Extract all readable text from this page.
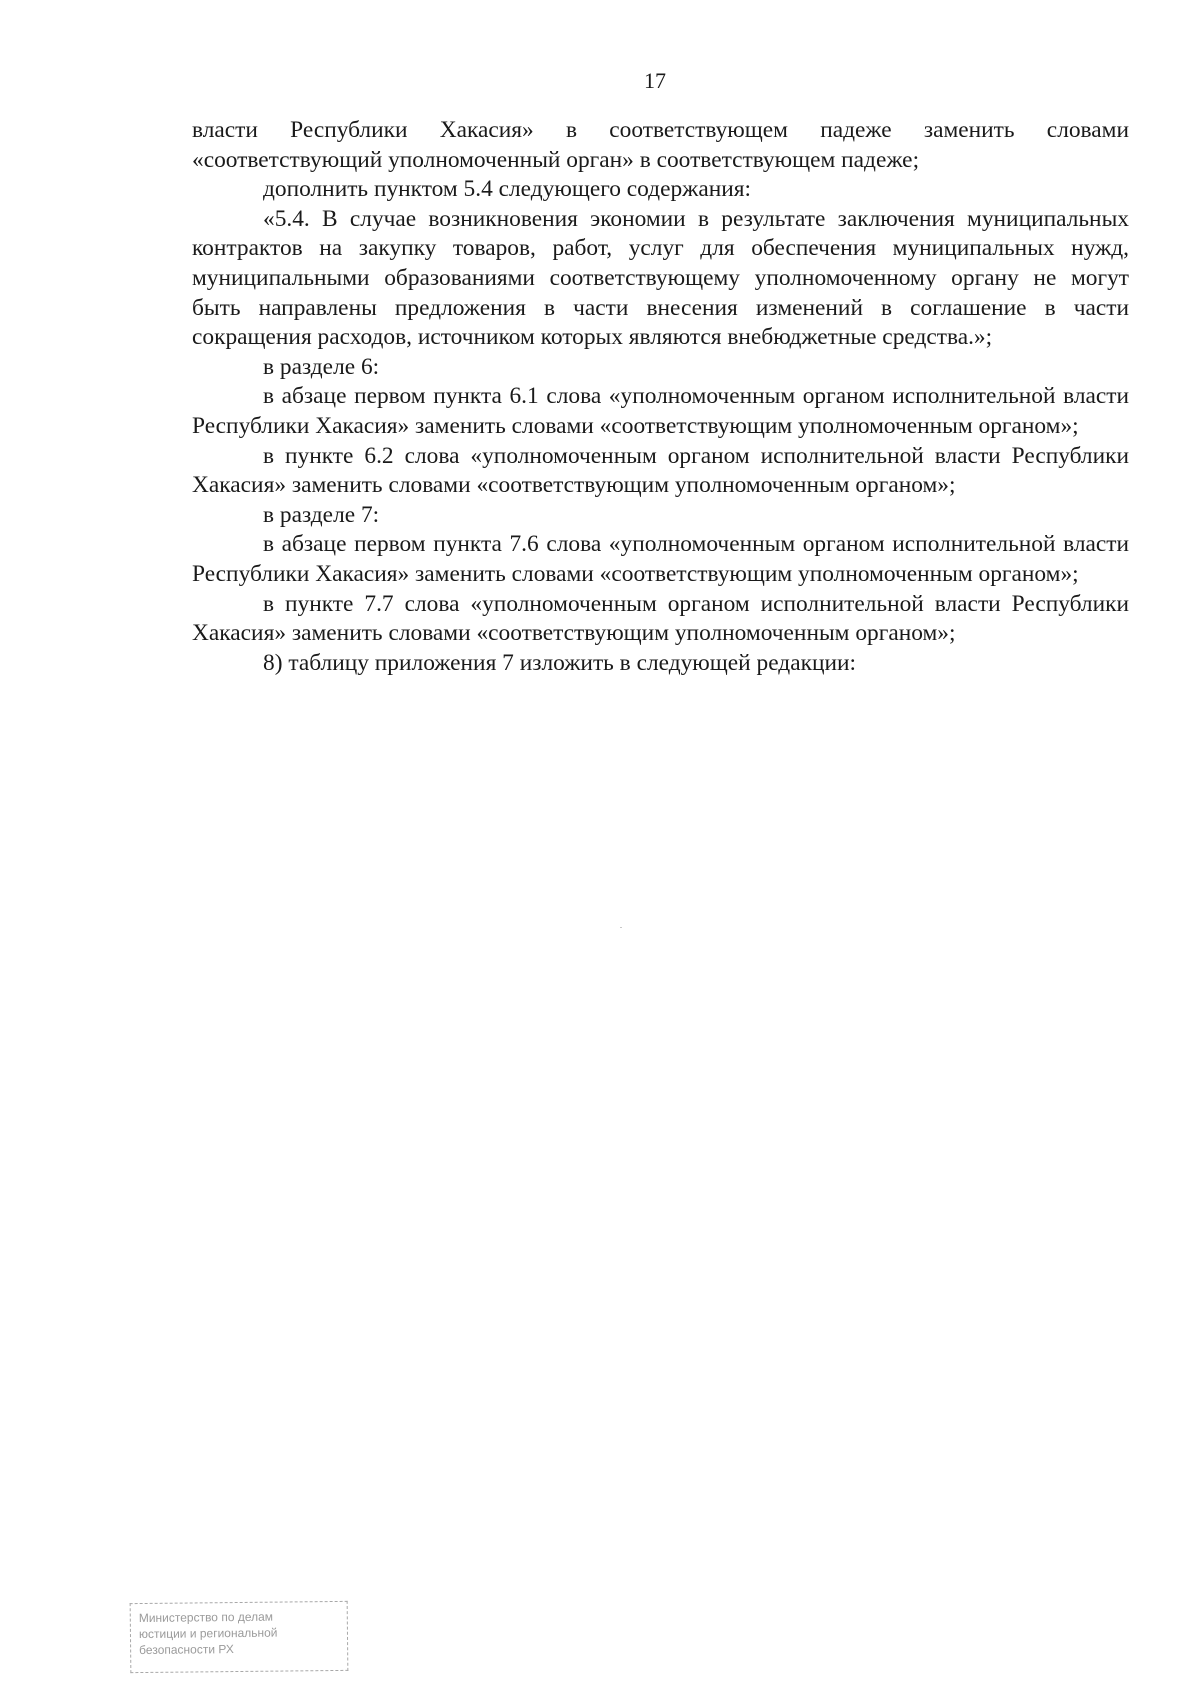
17

власти Республики Хакасия» в соответствующем падеже заменить словами «соответствующий уполномоченный орган» в соответствующем падеже;

дополнить пунктом 5.4 следующего содержания:

«5.4. В случае возникновения экономии в результате заключения муниципальных контрактов на закупку товаров, работ, услуг для обеспечения муниципальных нужд, муниципальными образованиями соответствующему уполномоченному органу не могут быть направлены предложения в части внесения изменений в соглашение в части сокращения расходов, источником которых являются внебюджетные средства.»;

в разделе 6:

в абзаце первом пункта 6.1 слова «уполномоченным органом исполнительной власти Республики Хакасия» заменить словами «соответствующим уполномоченным органом»;

в пункте 6.2 слова «уполномоченным органом исполнительной власти Республики Хакасия» заменить словами «соответствующим уполномоченным органом»;

в разделе 7:

в абзаце первом пункта 7.6 слова «уполномоченным органом исполнительной власти Республики Хакасия» заменить словами «соответствующим уполномоченным органом»;

в пункте 7.7 слова «уполномоченным органом исполнительной власти Республики Хакасия» заменить словами «соответствующим уполномоченным органом»;

8) таблицу приложения 7 изложить в следующей редакции:

Министерство по делам
юстиции и региональной
безопасности РХ
